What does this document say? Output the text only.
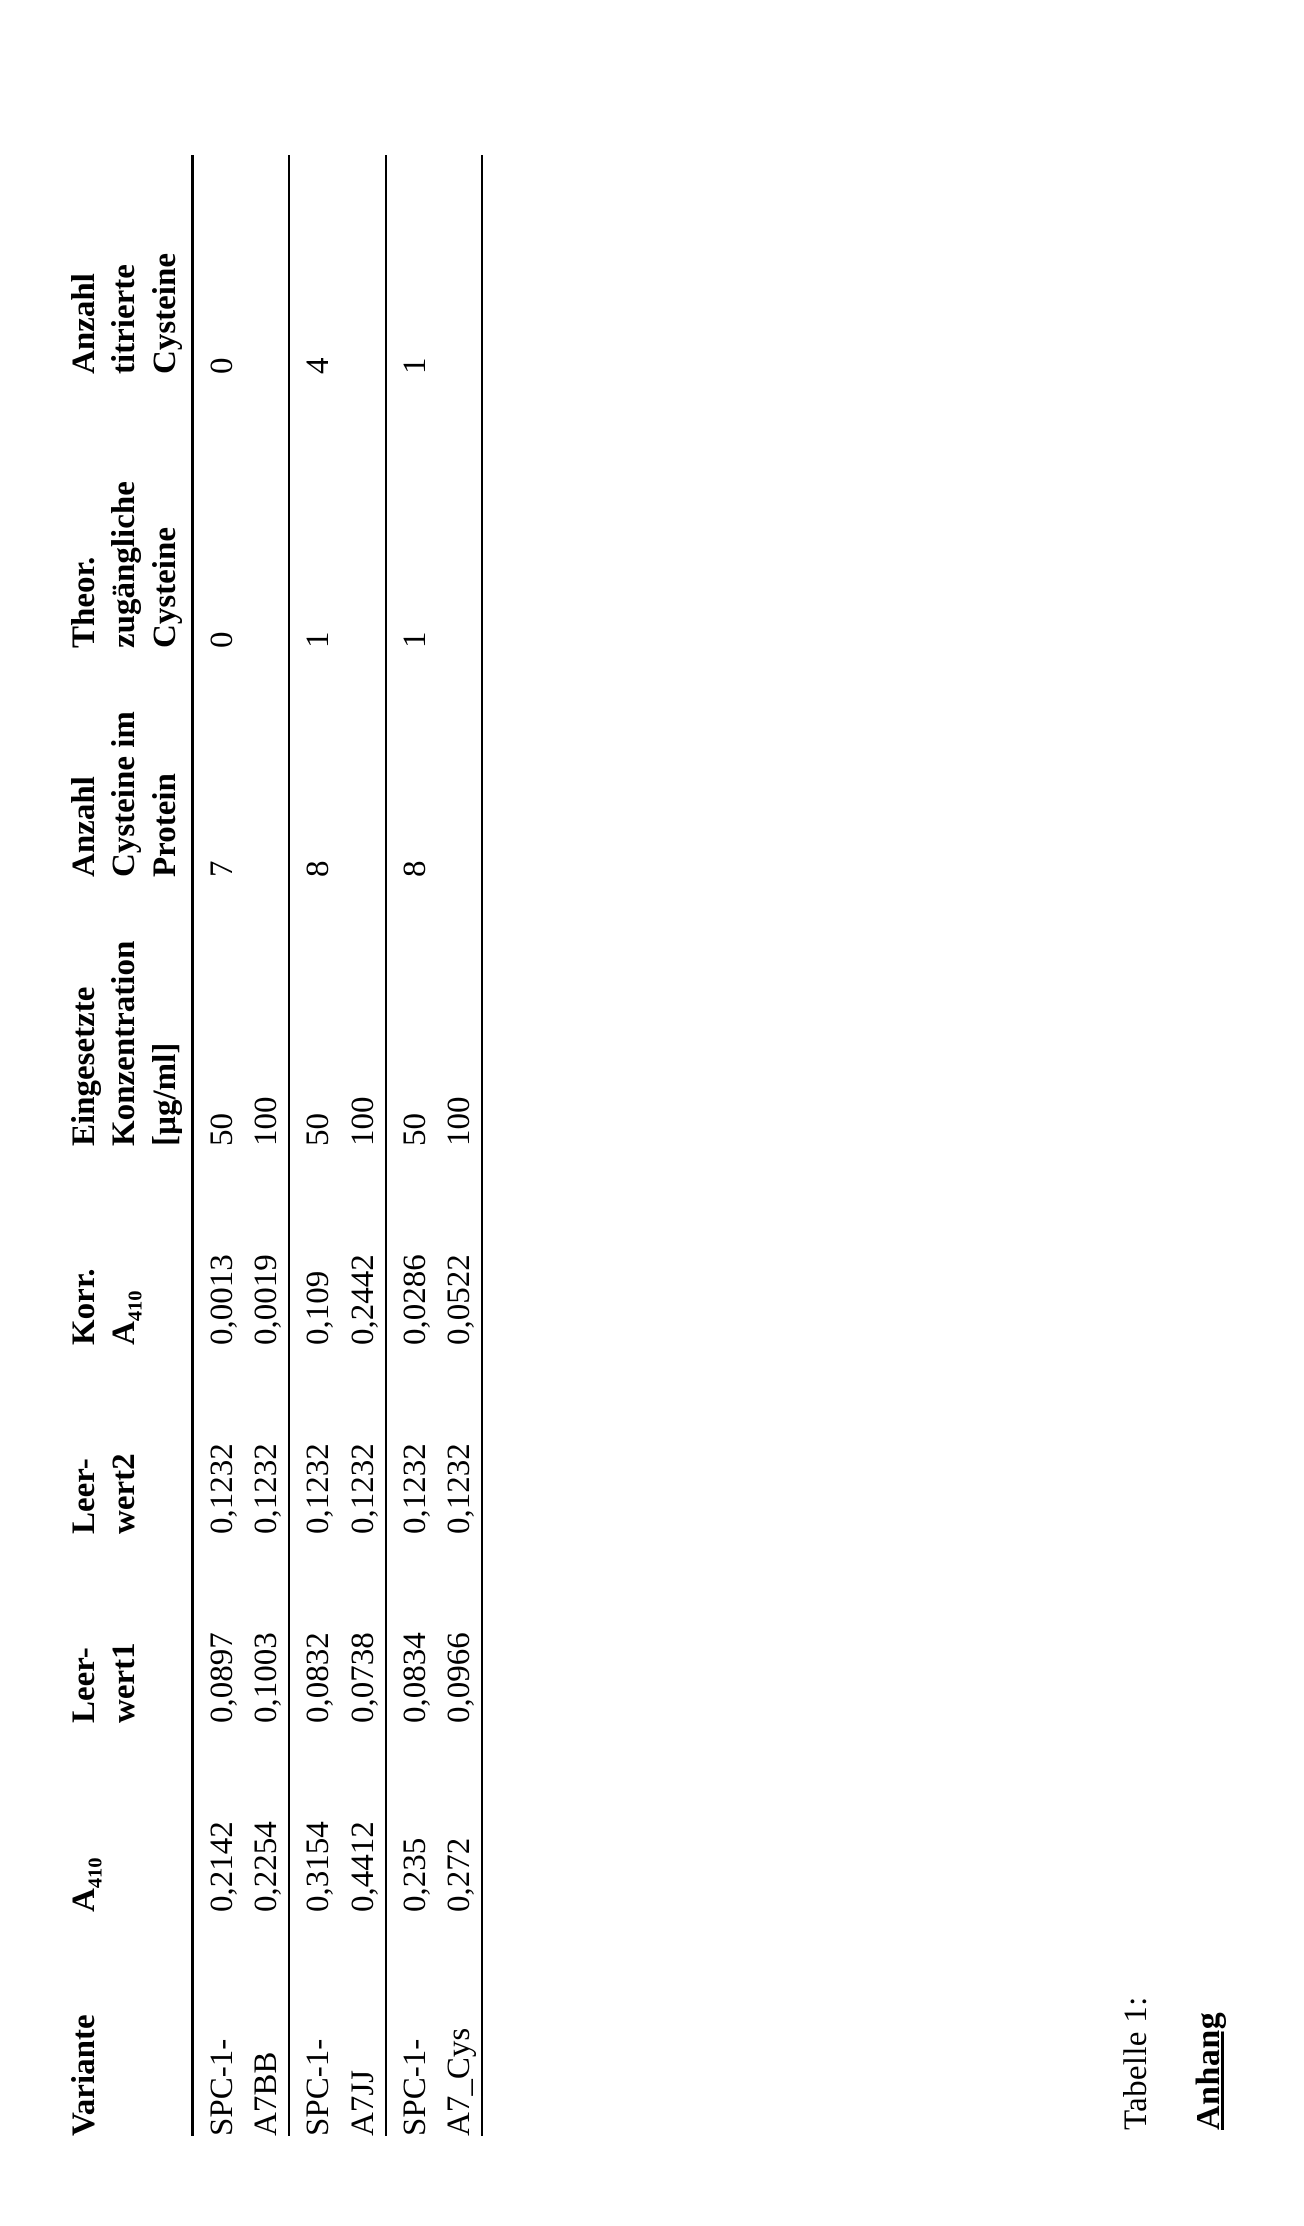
Anhang
Tabelle 1:
Variante	$A_{410}$	Leer- wert1	Leer- wert2	Korr. $A_{410}$	Eingesetzte Konzentration [µg/ml]	Anzahl Cysteine im Protein	Theor. zugängliche Cysteine	Anzahl titrierte Cysteine

SPC-1-	0,2142	0,0897	0,1232	0,0013	50	7	0	0
A7BB	0,2254	0,1003	0,1232	0,0019	100			
SPC-1-	0,3154	0,0832	0,1232	0,109	50	8	1	4
A7JJ	0,4412	0,0738	0,1232	0,2442	100			
SPC-1-	0,235	0,0834	0,1232	0,0286	50	8	1	1
A7_Cys	0,272	0,0966	0,1232	0,0522	100			
